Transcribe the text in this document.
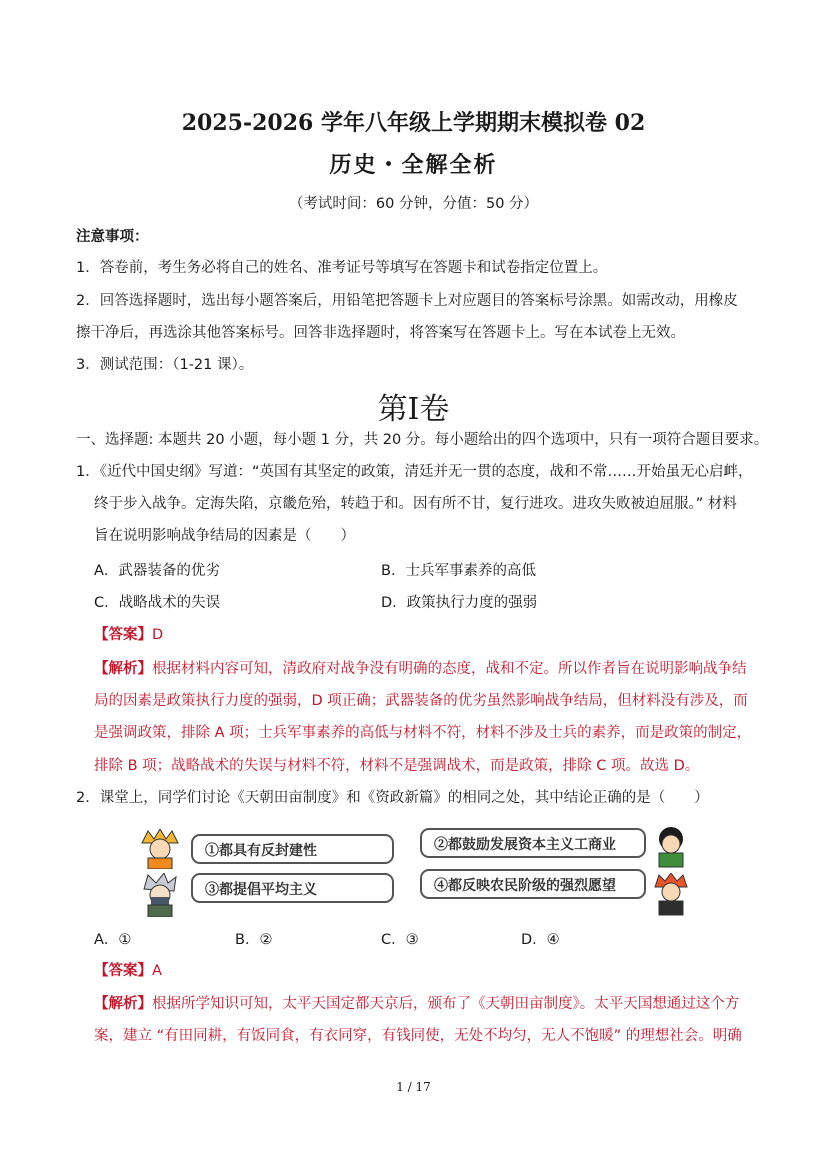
2025-2026 学年八年级上学期期末模拟卷 02
历史・全解全析
（考试时间：60 分钟，分值：50 分）
注意事项：
1．答卷前，考生务必将自己的姓名、准考证号等填写在答题卡和试卷指定位置上。
2．回答选择题时，选出每小题答案后，用铅笔把答题卡上对应题目的答案标号涂黑。如需改动，用橡皮
擦干净后，再选涂其他答案标号。回答非选择题时，将答案写在答题卡上。写在本试卷上无效。
3．测试范围：（1-21 课）。
第Ⅰ卷
一、选择题: 本题共 20 小题，每小题 1 分，共 20 分。每小题给出的四个选项中，只有一项符合题目要求。
1．《近代中国史纲》写道：“英国有其坚定的政策，清廷并无一贯的态度，战和不常……开始虽无心启衅，
终于步入战争。定海失陷，京畿危殆，转趋于和。因有所不甘，复行进攻。进攻失败被迫屈服。” 材料
旨在说明影响战争结局的因素是（　　）
A．武器装备的优劣	B．士兵军事素养的高低
C．战略战术的失误	D．政策执行力度的强弱
【答案】D
【解析】根据材料内容可知，清政府对战争没有明确的态度，战和不定。所以作者旨在说明影响战争结
局的因素是政策执行力度的强弱，D 项正确；武器装备的优劣虽然影响战争结局，但材料没有涉及，而
是强调政策，排除 A 项；士兵军事素养的高低与材料不符，材料不涉及士兵的素养，而是政策的制定，
排除 B 项；战略战术的失误与材料不符，材料不是强调战术，而是政策，排除 C 项。故选 D。
2．课堂上，同学们讨论《天朝田亩制度》和《资政新篇》的相同之处，其中结论正确的是（　　）
①都具有反封建性
③都提倡平均主义
②都鼓励发展资本主义工商业
④都反映农民阶级的强烈愿望
A．①	B．②	C．③	D．④
【答案】A
【解析】根据所学知识可知，太平天国定都天京后，颁布了《天朝田亩制度》。太平天国想通过这个方
案，建立 “有田同耕，有饭同食，有衣同穿，有钱同使，无处不均匀，无人不饱暖” 的理想社会。明确
1 / 17
